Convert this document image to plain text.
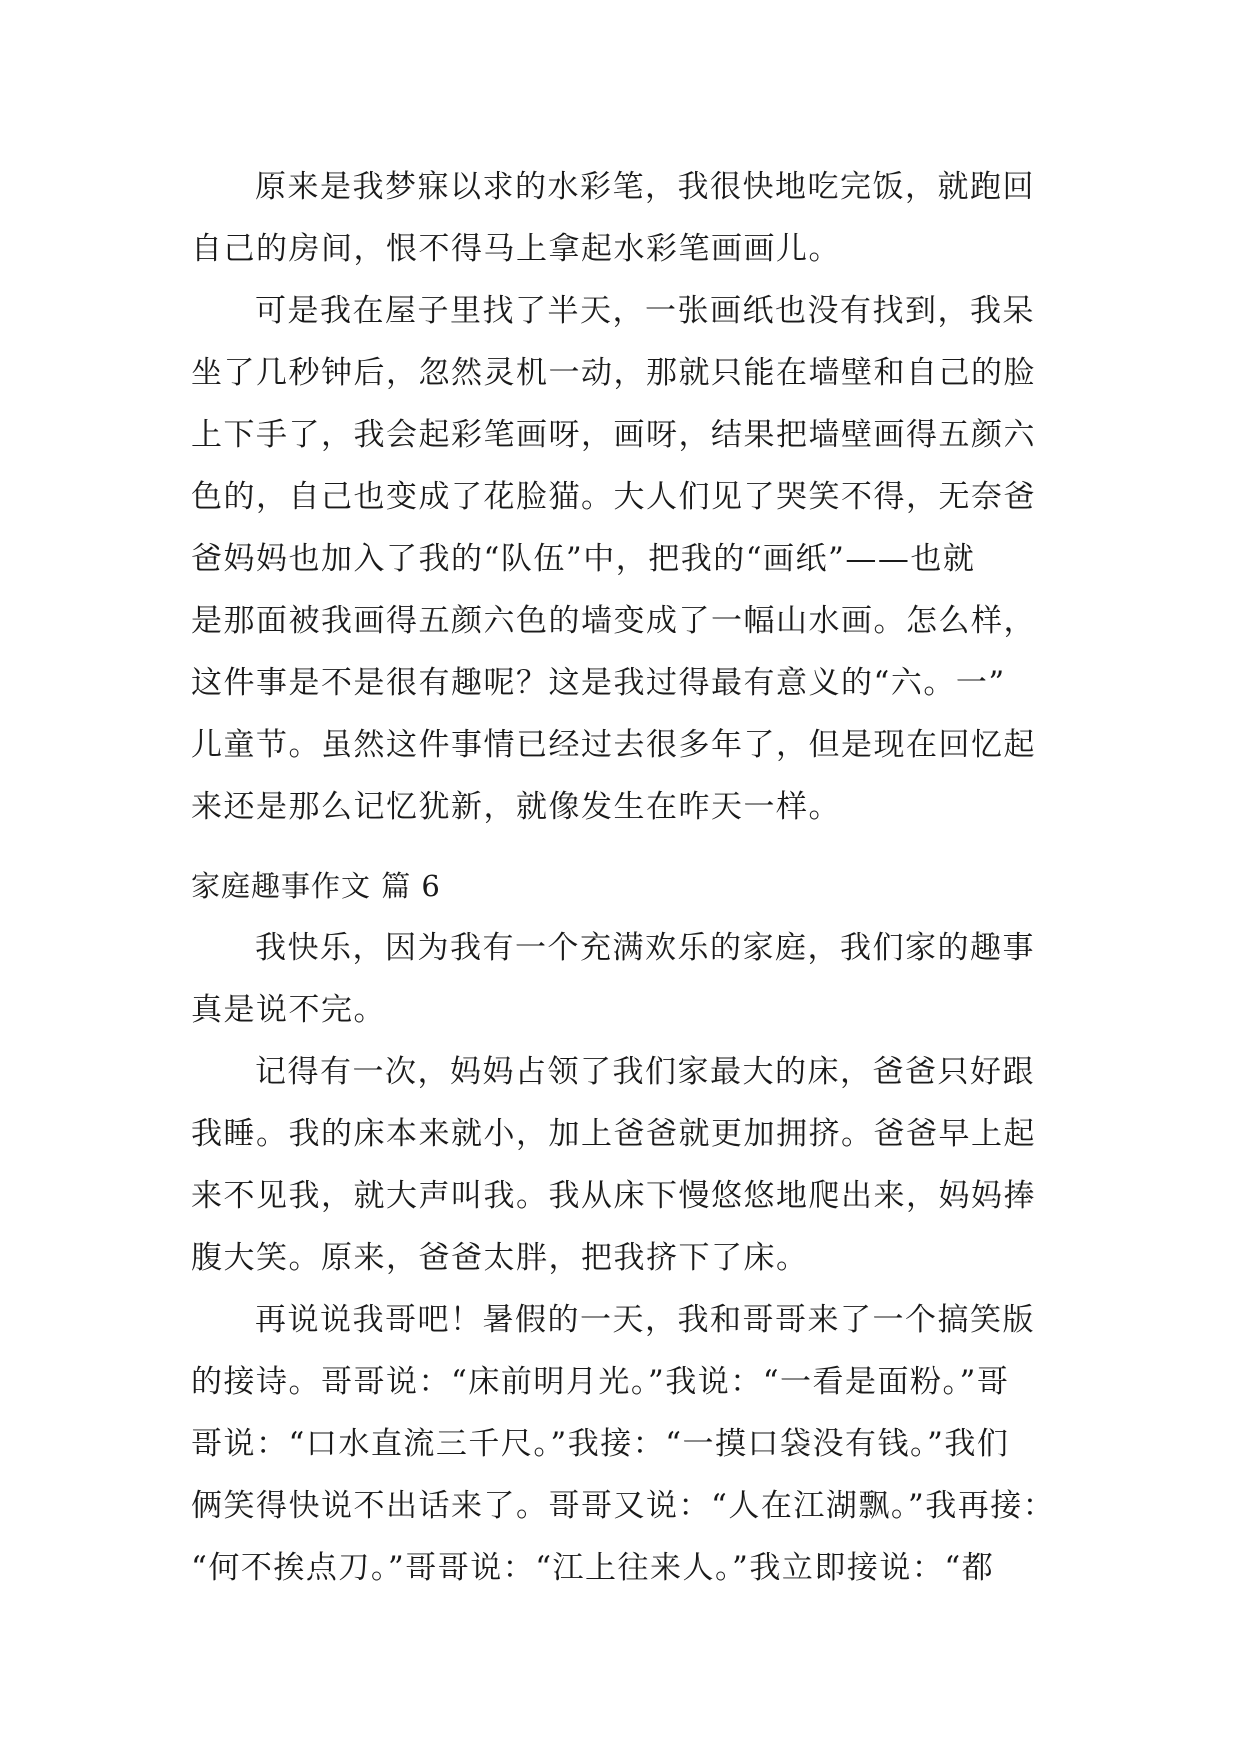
原来是我梦寐以求的水彩笔，我很快地吃完饭，就跑回
自己的房间，恨不得马上拿起水彩笔画画儿。
可是我在屋子里找了半天，一张画纸也没有找到，我呆
坐了几秒钟后，忽然灵机一动，那就只能在墙壁和自己的脸
上下手了，我会起彩笔画呀，画呀，结果把墙壁画得五颜六
色的，自己也变成了花脸猫。大人们见了哭笑不得，无奈爸
爸妈妈也加入了我的“队伍”中，把我的“画纸”——也就
是那面被我画得五颜六色的墙变成了一幅山水画。怎么样，
这件事是不是很有趣呢？这是我过得最有意义的“六。一”
儿童节。虽然这件事情已经过去很多年了，但是现在回忆起
来还是那么记忆犹新，就像发生在昨天一样。
家庭趣事作文 篇 6
我快乐，因为我有一个充满欢乐的家庭，我们家的趣事
真是说不完。
记得有一次，妈妈占领了我们家最大的床，爸爸只好跟
我睡。我的床本来就小，加上爸爸就更加拥挤。爸爸早上起
来不见我，就大声叫我。我从床下慢悠悠地爬出来，妈妈捧
腹大笑。原来，爸爸太胖，把我挤下了床。
再说说我哥吧！暑假的一天，我和哥哥来了一个搞笑版
的接诗。哥哥说：“床前明月光。”我说：“一看是面粉。”哥
哥说：“口水直流三千尺。”我接：“一摸口袋没有钱。”我们
俩笑得快说不出话来了。哥哥又说：“人在江湖飘。”我再接：
“何不挨点刀。”哥哥说：“江上往来人。”我立即接说：“都
